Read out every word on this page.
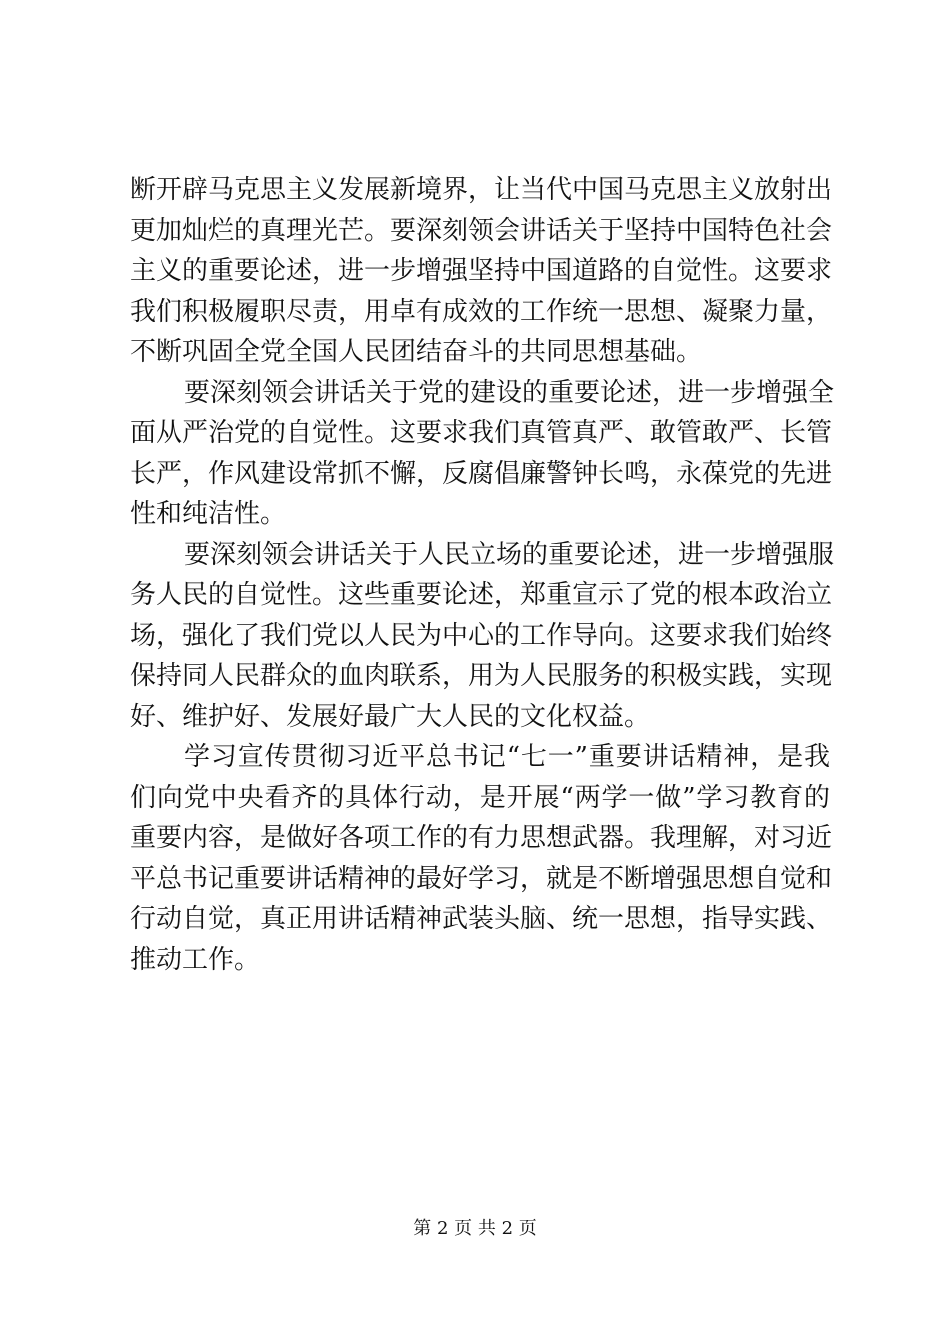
断开辟马克思主义发展新境界，让当代中国马克思主义放射出
更加灿烂的真理光芒。要深刻领会讲话关于坚持中国特色社会
主义的重要论述，进一步增强坚持中国道路的自觉性。这要求
我们积极履职尽责，用卓有成效的工作统一思想、凝聚力量，
不断巩固全党全国人民团结奋斗的共同思想基础。
要深刻领会讲话关于党的建设的重要论述，进一步增强全
面从严治党的自觉性。这要求我们真管真严、敢管敢严、长管
长严，作风建设常抓不懈，反腐倡廉警钟长鸣，永葆党的先进
性和纯洁性。
要深刻领会讲话关于人民立场的重要论述，进一步增强服
务人民的自觉性。这些重要论述，郑重宣示了党的根本政治立
场，强化了我们党以人民为中心的工作导向。这要求我们始终
保持同人民群众的血肉联系，用为人民服务的积极实践，实现
好、维护好、发展好最广大人民的文化权益。
学习宣传贯彻习近平总书记“七一”重要讲话精神，是我
们向党中央看齐的具体行动，是开展“两学一做”学习教育的
重要内容，是做好各项工作的有力思想武器。我理解，对习近
平总书记重要讲话精神的最好学习，就是不断增强思想自觉和
行动自觉，真正用讲话精神武装头脑、统一思想，指导实践、
推动工作。
第 2 页 共 2 页
